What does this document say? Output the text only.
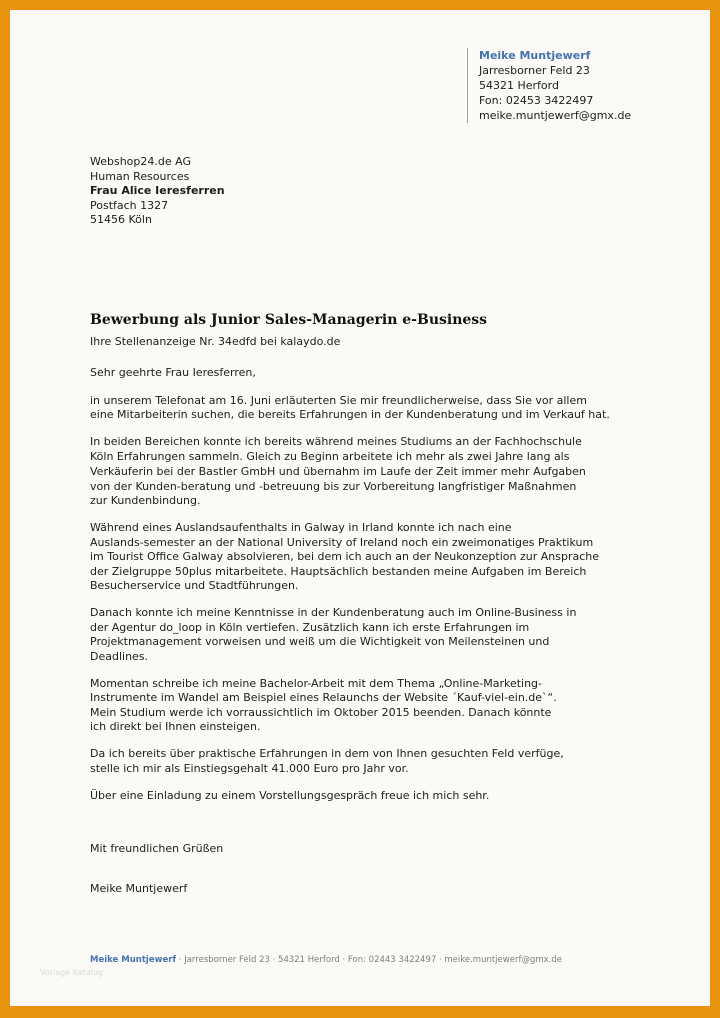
Meike Muntjewerf
Jarresborner Feld 23
54321 Herford
Fon: 02453 3422497
meike.muntjewerf@gmx.de
Webshop24.de AG
Human Resources
Frau Alice Ieresferren
Postfach 1327
51456 Köln
Bewerbung als Junior Sales-Managerin e-Business
Ihre Stellenanzeige Nr. 34edfd bei kalaydo.de
Sehr geehrte Frau Ieresferren,
in unserem Telefonat am 16. Juni erläuterten Sie mir freundlicherweise, dass Sie vor allem
eine Mitarbeiterin suchen, die bereits Erfahrungen in der Kundenberatung und im Verkauf hat.
In beiden Bereichen konnte ich bereits während meines Studiums an der Fachhochschule
Köln Erfahrungen sammeln. Gleich zu Beginn arbeitete ich mehr als zwei Jahre lang als
Verkäuferin bei der Bastler GmbH und übernahm im Laufe der Zeit immer mehr Aufgaben
von der Kunden-beratung und -betreuung bis zur Vorbereitung langfristiger Maßnahmen
zur Kundenbindung.
Während eines Auslandsaufenthalts in Galway in Irland konnte ich nach eine
Auslands-semester an der National University of Ireland noch ein zweimonatiges Praktikum
im Tourist Office Galway absolvieren, bei dem ich auch an der Neukonzeption zur Ansprache
der Zielgruppe 50plus mitarbeitete. Hauptsächlich bestanden meine Aufgaben im Bereich
Besucherservice und Stadtführungen.
Danach konnte ich meine Kenntnisse in der Kundenberatung auch im Online-Business in
der Agentur do_loop in Köln vertiefen. Zusätzlich kann ich erste Erfahrungen im
Projektmanagement vorweisen und weiß um die Wichtigkeit von Meilensteinen und
Deadlines.
Momentan schreibe ich meine Bachelor-Arbeit mit dem Thema „Online-Marketing-
Instrumente im Wandel am Beispiel eines Relaunchs der Website ´Kauf-viel-ein.de`“.
Mein Studium werde ich vorraussichtlich im Oktober 2015 beenden. Danach könnte
ich direkt bei Ihnen einsteigen.
Da ich bereits über praktische Erfahrungen in dem von Ihnen gesuchten Feld verfüge,
stelle ich mir als Einstiegsgehalt 41.000 Euro pro Jahr vor.
Über eine Einladung zu einem Vorstellungsgespräch freue ich mich sehr.
Mit freundlichen Grüßen
Meike Muntjewerf
Meike Muntjewerf · Jarresborner Feld 23 · 54321 Herford · Fon: 02443 3422497 · meike.muntjewerf@gmx.de
Vorlage Katalog
